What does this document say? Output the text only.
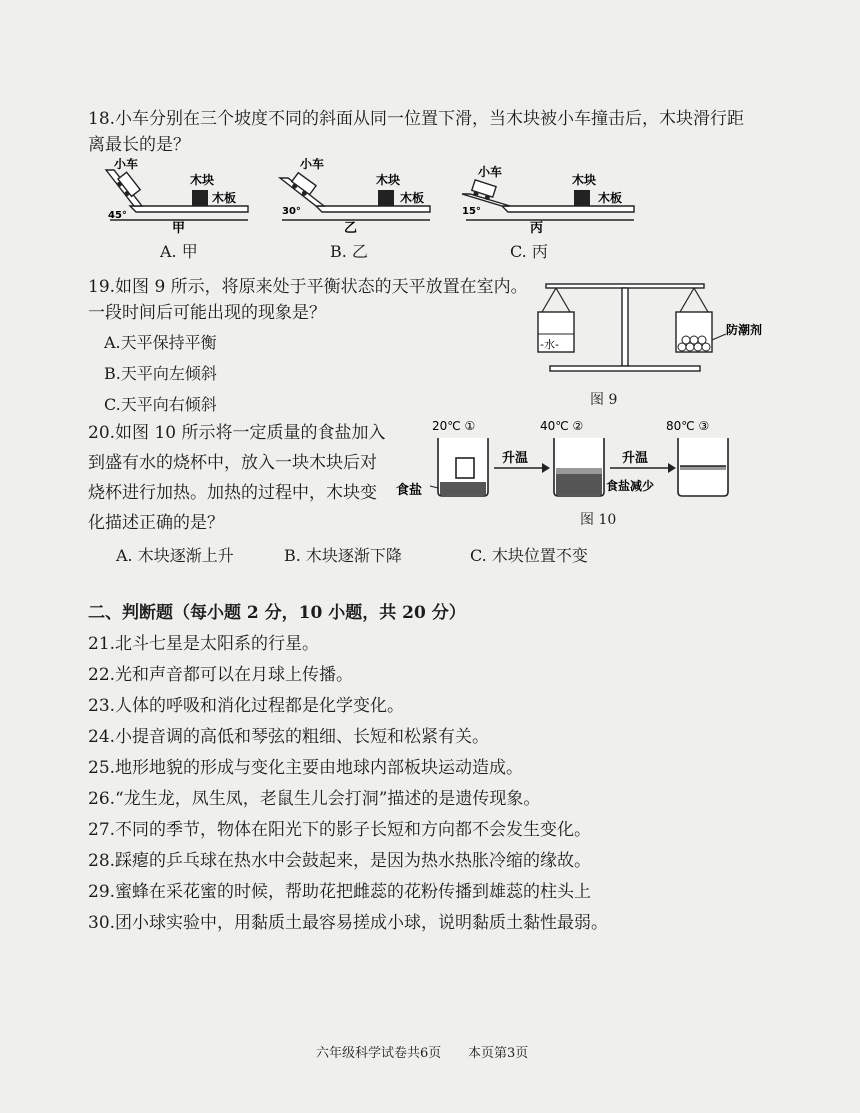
18.小车分别在三个坡度不同的斜面从同一位置下滑，当木块被小车撞击后，木块滑行距
离最长的是？
小车
木块
木板
45°
甲
小车
木块
木板
30°
乙
小车
木块
木板
15°
丙
A. 甲	B. 乙	C. 丙
19.如图 9 所示，将原来处于平衡状态的天平放置在室内。
一段时间后可能出现的现象是？
A.天平保持平衡
B.天平向左倾斜
C.天平向右倾斜
-水-
防潮剂
图 9
20.如图 10 所示将一定质量的食盐加入
到盛有水的烧杯中，放入一块木块后对
烧杯进行加热。加热的过程中，木块变
化描述正确的是？
20℃ ①	40℃ ②	80℃ ③
食盐
升温	升温
食盐减少
图 10
A. 木块逐渐上升	B. 木块逐渐下降	C. 木块位置不变
二、判断题（每小题 2 分，10 小题，共 20 分）
21.北斗七星是太阳系的行星。
22.光和声音都可以在月球上传播。
23.人体的呼吸和消化过程都是化学变化。
24.小提音调的高低和琴弦的粗细、长短和松紧有关。
25.地形地貌的形成与变化主要由地球内部板块运动造成。
26.“龙生龙，凤生凤，老鼠生儿会打洞”描述的是遗传现象。
27.不同的季节，物体在阳光下的影子长短和方向都不会发生变化。
28.踩瘪的乒乓球在热水中会鼓起来，是因为热水热胀冷缩的缘故。
29.蜜蜂在采花蜜的时候，帮助花把雌蕊的花粉传播到雄蕊的柱头上
30.团小球实验中，用黏质土最容易搓成小球，说明黏质土黏性最弱。
六年级科学试卷共6页 本页第3页
